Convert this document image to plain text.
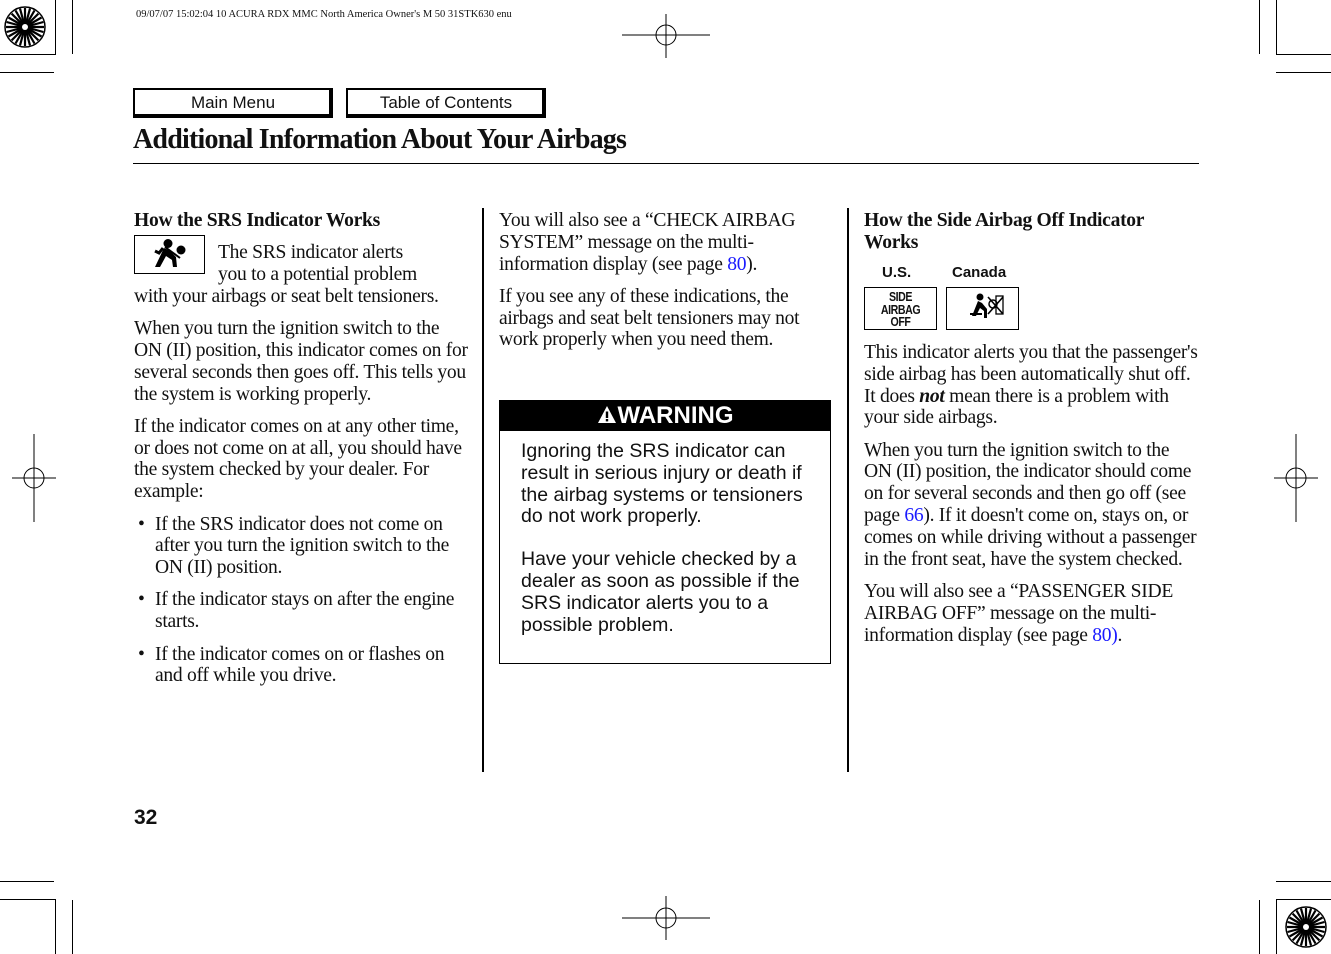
09/07/07 15:02:04 10 ACURA RDX MMC North America Owner's M 50 31STK630 enu
Main Menu	Table of Contents
Additional Information About Your Airbags

How the SRS Indicator Works

The SRS indicator alerts
you to a potential problem

with your airbags or seat belt tensioners.

When you turn the ignition switch to the ON (II) position, this indicator comes on for several seconds then goes off. This tells you the system is working properly.

If the indicator comes on at any other time, or does not come on at all, you should have the system checked by your dealer. For example:

• If the SRS indicator does not come on after you turn the ignition switch to the ON (II) position.
• If the indicator stays on after the engine starts.
• If the indicator comes on or flashes on and off while you drive.

You will also see a “CHECK AIRBAG SYSTEM” message on the multi-information display (see page 80).

If you see any of these indications, the airbags and seat belt tensioners may not work properly when you need them.

WARNING

Ignoring the SRS indicator can result in serious injury or death if the airbag systems or tensioners do not work properly.

Have your vehicle checked by a dealer as soon as possible if the SRS indicator alerts you to a possible problem.

How the Side Airbag Off Indicator Works

U.S.	Canada
SIDE
AIRBAG
OFF

This indicator alerts you that the passenger's side airbag has been automatically shut off. It does not mean there is a problem with your side airbags.

When you turn the ignition switch to the ON (II) position, the indicator should come on for several seconds and then go off (see page 66). If it doesn't come on, stays on, or comes on while driving without a passenger in the front seat, have the system checked.

You will also see a “PASSENGER SIDE AIRBAG OFF” message on the multi-information display (see page 80).

32
